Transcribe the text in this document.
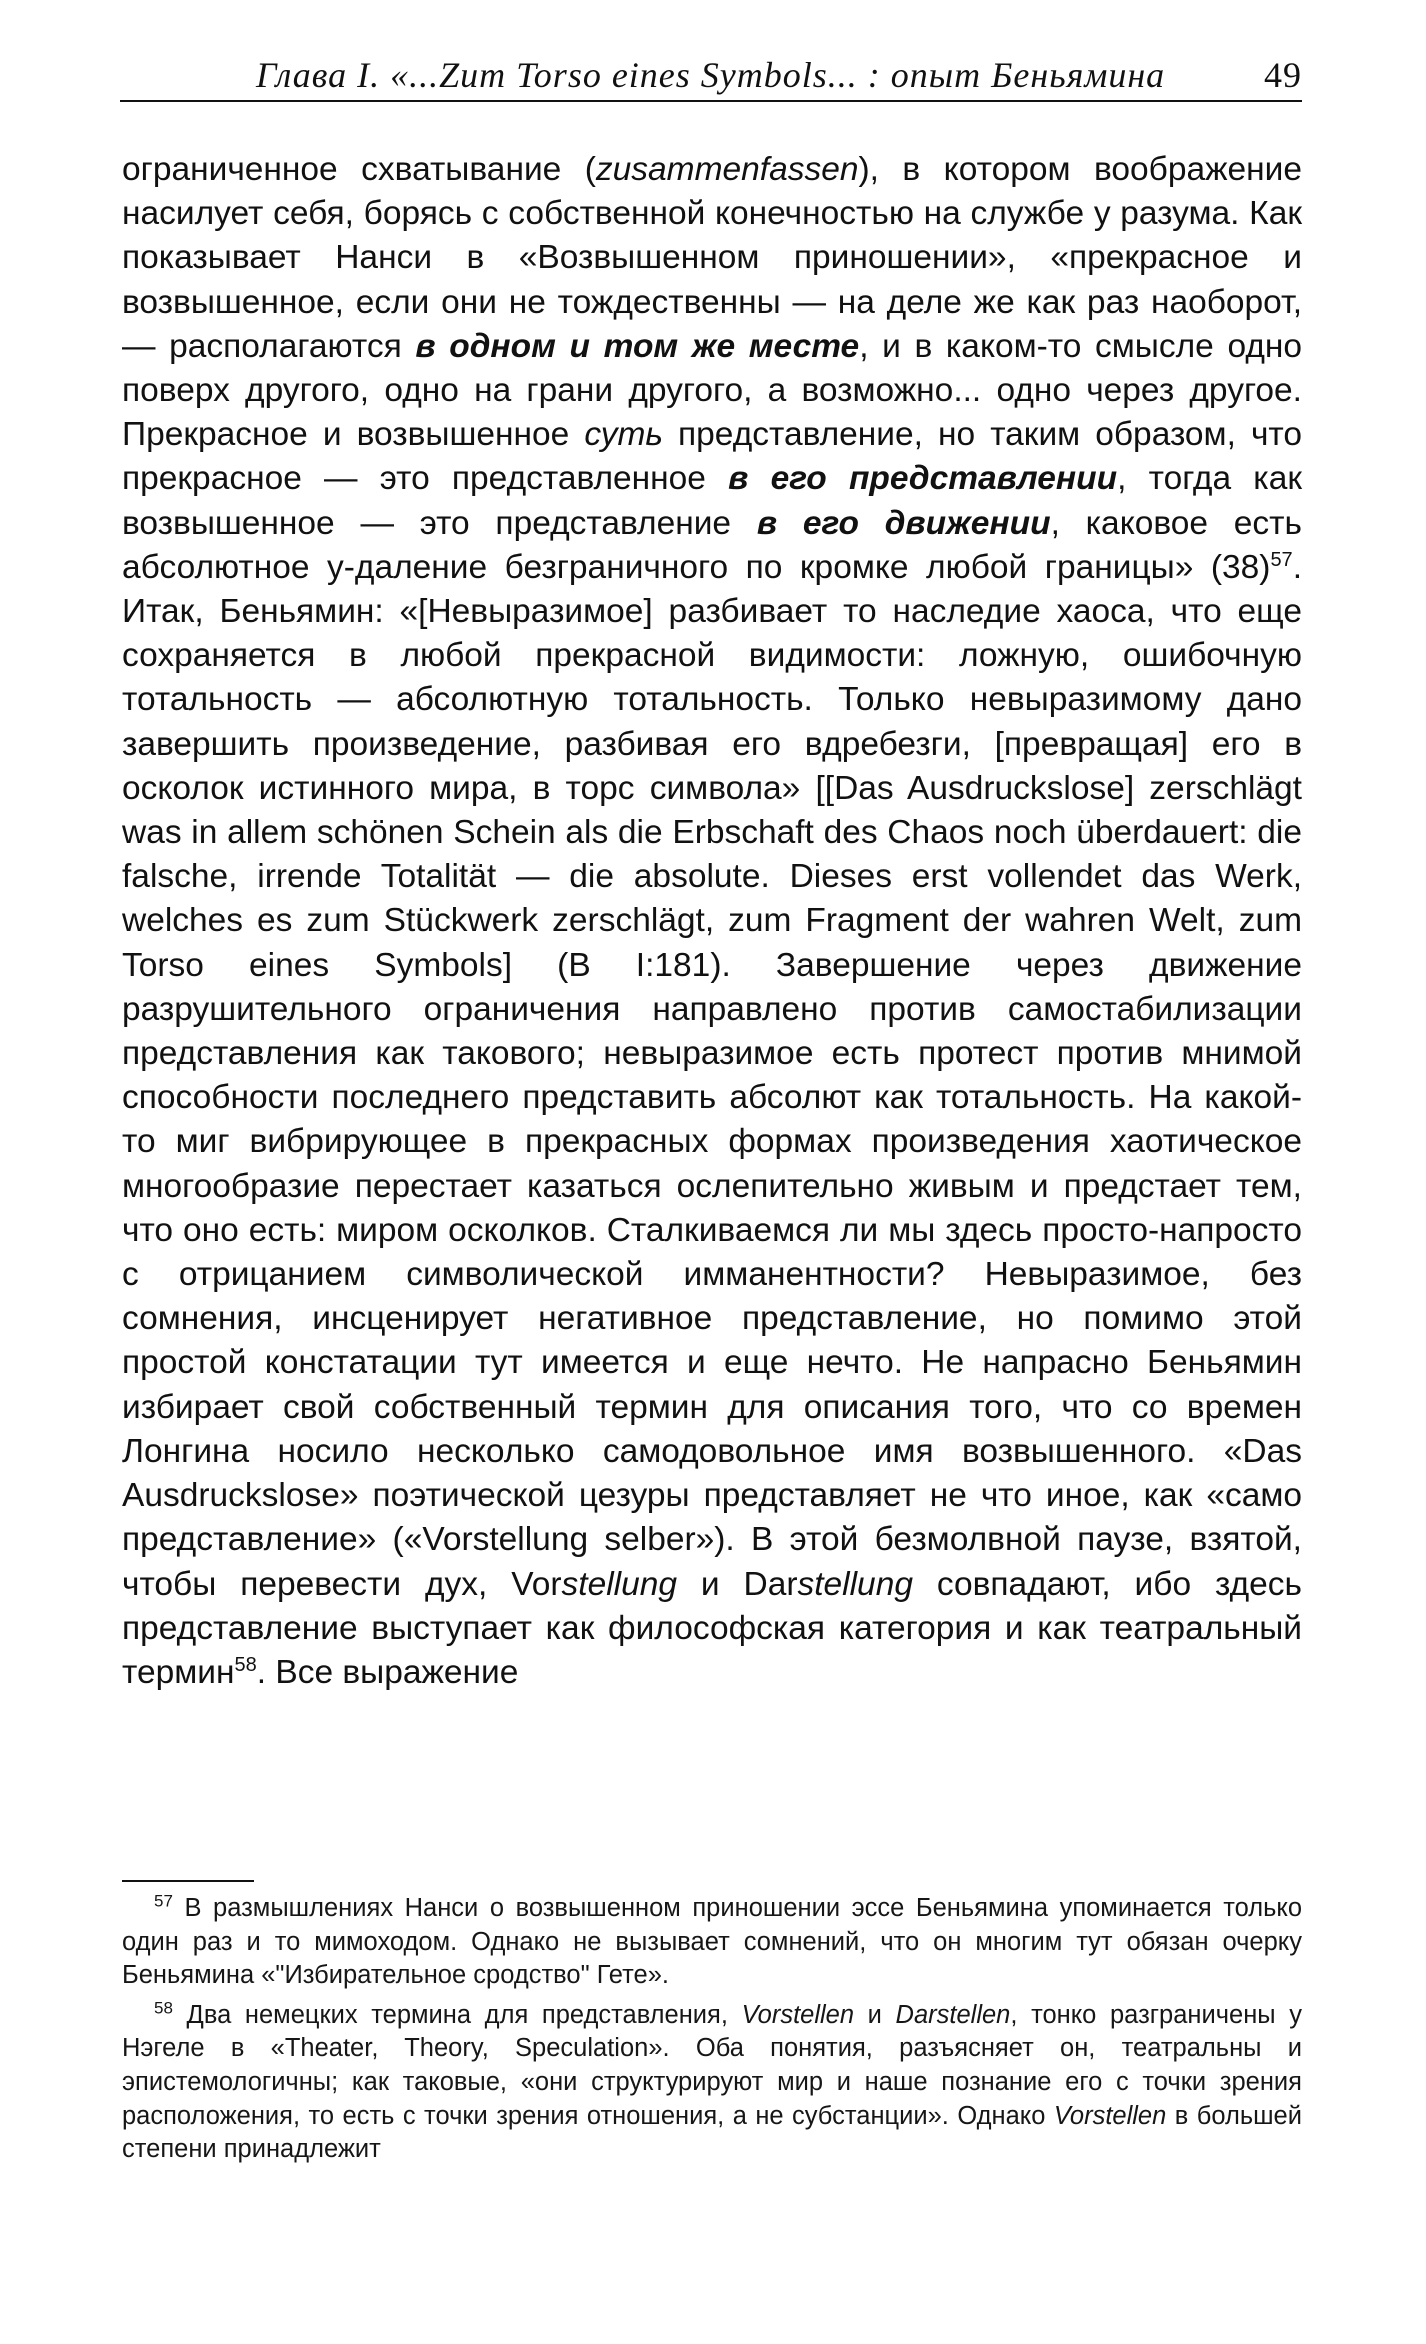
Глава I. «...Zum Torso eines Symbols... : опыт Беньямина	49

ограниченное схватывание (zusammenfassen), в котором воображение насилует себя, борясь с собственной конечностью на службе у разума. Как показывает Нанси в «Возвышенном приношении», «прекрасное и возвышенное, если они не тождественны — на деле же как раз наоборот, — располагаются в одном и том же месте, и в каком-то смысле одно поверх другого, одно на грани другого, а возможно... одно через другое. Прекрасное и возвышенное суть представление, но таким образом, что прекрасное — это представленное в его представлении, тогда как возвышенное — это представление в его движении, каковое есть абсолютное у-даление безграничного по кромке любой границы» (38)$^{57}$. Итак, Беньямин: «[Невыразимое] разбивает то наследие хаоса, что еще сохраняется в любой прекрасной видимости: ложную, ошибочную тотальность — абсолютную тотальность. Только невыразимому дано завершить произведение, разбивая его вдребезги, [превращая] его в осколок истинного мира, в торс символа» [[Das Ausdruckslose] zerschlägt was in allem schönen Schein als die Erbschaft des Chaos noch überdauert: die falsche, irrende Totalität — die absolute. Dieses erst vollendet das Werk, welches es zum Stückwerk zerschlägt, zum Fragment der wahren Welt, zum Torso eines Symbols] (B I:181). Завершение через движение разрушительного ограничения направлено против самостабилизации представления как такового; невыразимое есть протест против мнимой способности последнего представить абсолют как тотальность. На какой-то миг вибрирующее в прекрасных формах произведения хаотическое многообразие перестает казаться ослепительно живым и предстает тем, что оно есть: миром осколков. Сталкиваемся ли мы здесь просто-напросто с отрицанием символической имманентности? Невыразимое, без сомнения, инсценирует негативное представление, но помимо этой простой констатации тут имеется и еще нечто. Не напрасно Беньямин избирает свой собственный термин для описания того, что со времен Лонгина носило несколько самодовольное имя возвышенного. «Das Ausdruckslose» поэтической цезуры представляет не что иное, как «само представление» («Vorstellung selber»). В этой безмолвной паузе, взятой, чтобы перевести дух, Vorstellung и Darstellung совпадают, ибо здесь представление выступает как философская категория и как театральный термин$^{58}$. Все выражение

$^{57}$ В размышлениях Нанси о возвышенном приношении эссе Беньямина упоминается только один раз и то мимоходом. Однако не вызывает сомнений, что он многим тут обязан очерку Беньямина «"Избирательное сродство" Гете».

$^{58}$ Два немецких термина для представления, Vorstellen и Darstellen, тонко разграничены у Нэгеле в «Theater, Theory, Speculation». Оба понятия, разъясняет он, театральны и эпистемологичны; как таковые, «они структурируют мир и наше познание его с точки зрения расположения, то есть с точки зрения отношения, а не субстанции». Однако Vorstellen в большей степени принадлежит
